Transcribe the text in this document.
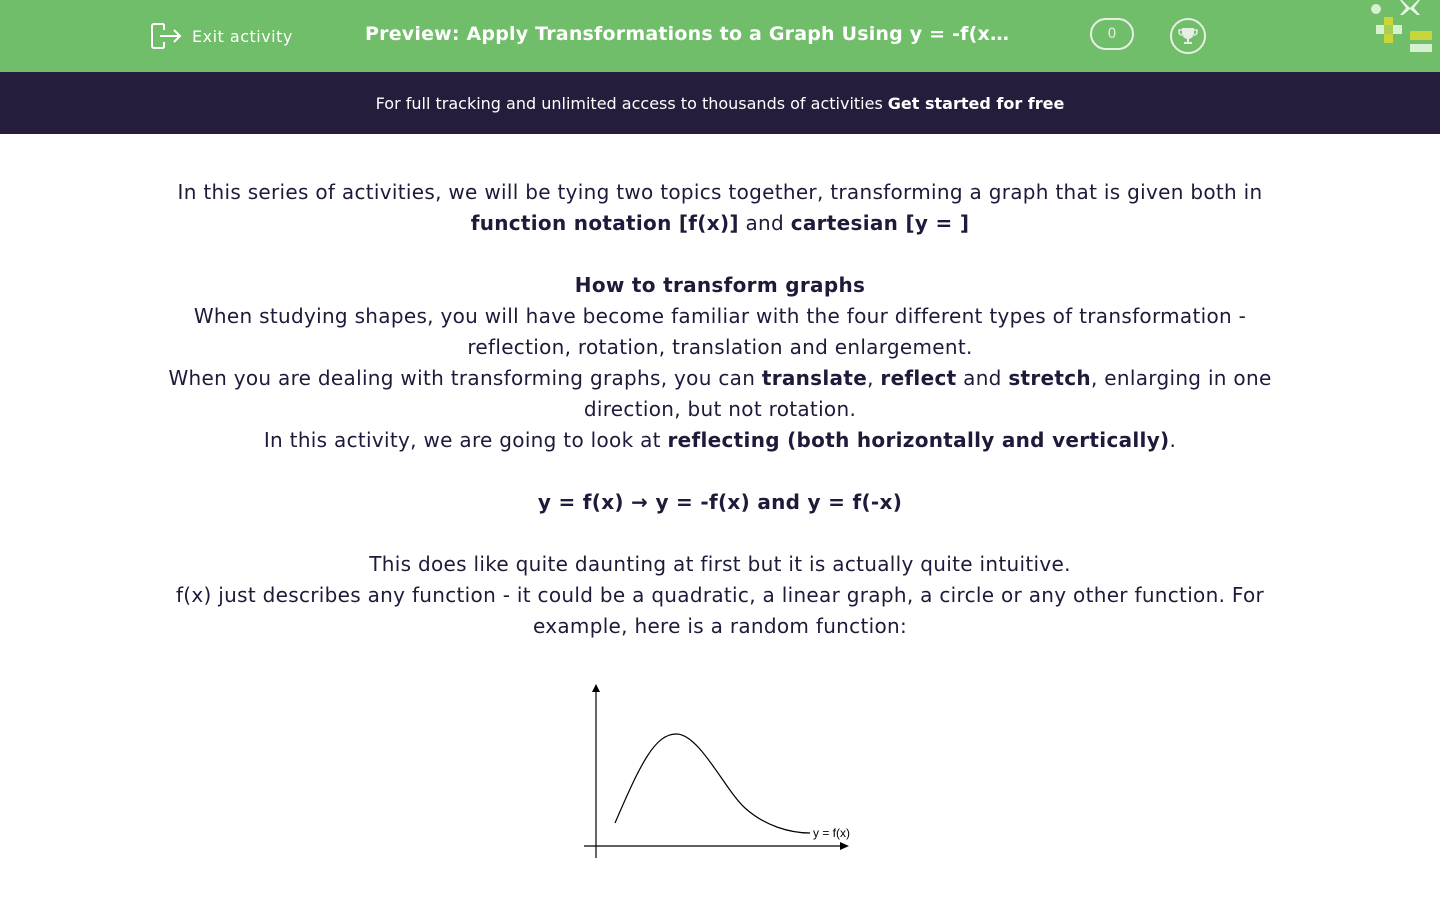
Exit activity	Preview: Apply Transformations to a Graph Using y = -f(x…	0
For full tracking and unlimited access to thousands of activities Get started for free

In this series of activities, we will be tying two topics together, transforming a graph that is given both in
function notation [f(x)] and cartesian [y = ]

How to transform graphs

When studying shapes, you will have become familiar with the four different types of transformation -
reflection, rotation, translation and enlargement.

When you are dealing with transforming graphs, you can translate, reflect and stretch, enlarging in one
direction, but not rotation.

In this activity, we are going to look at reflecting (both horizontally and vertically).

y = f(x) → y = -f(x) and y = f(-x)

This does like quite daunting at first but it is actually quite intuitive.

f(x) just describes any function - it could be a quadratic, a linear graph, a circle or any other function. For
example, here is a random function:

y = f(x)
